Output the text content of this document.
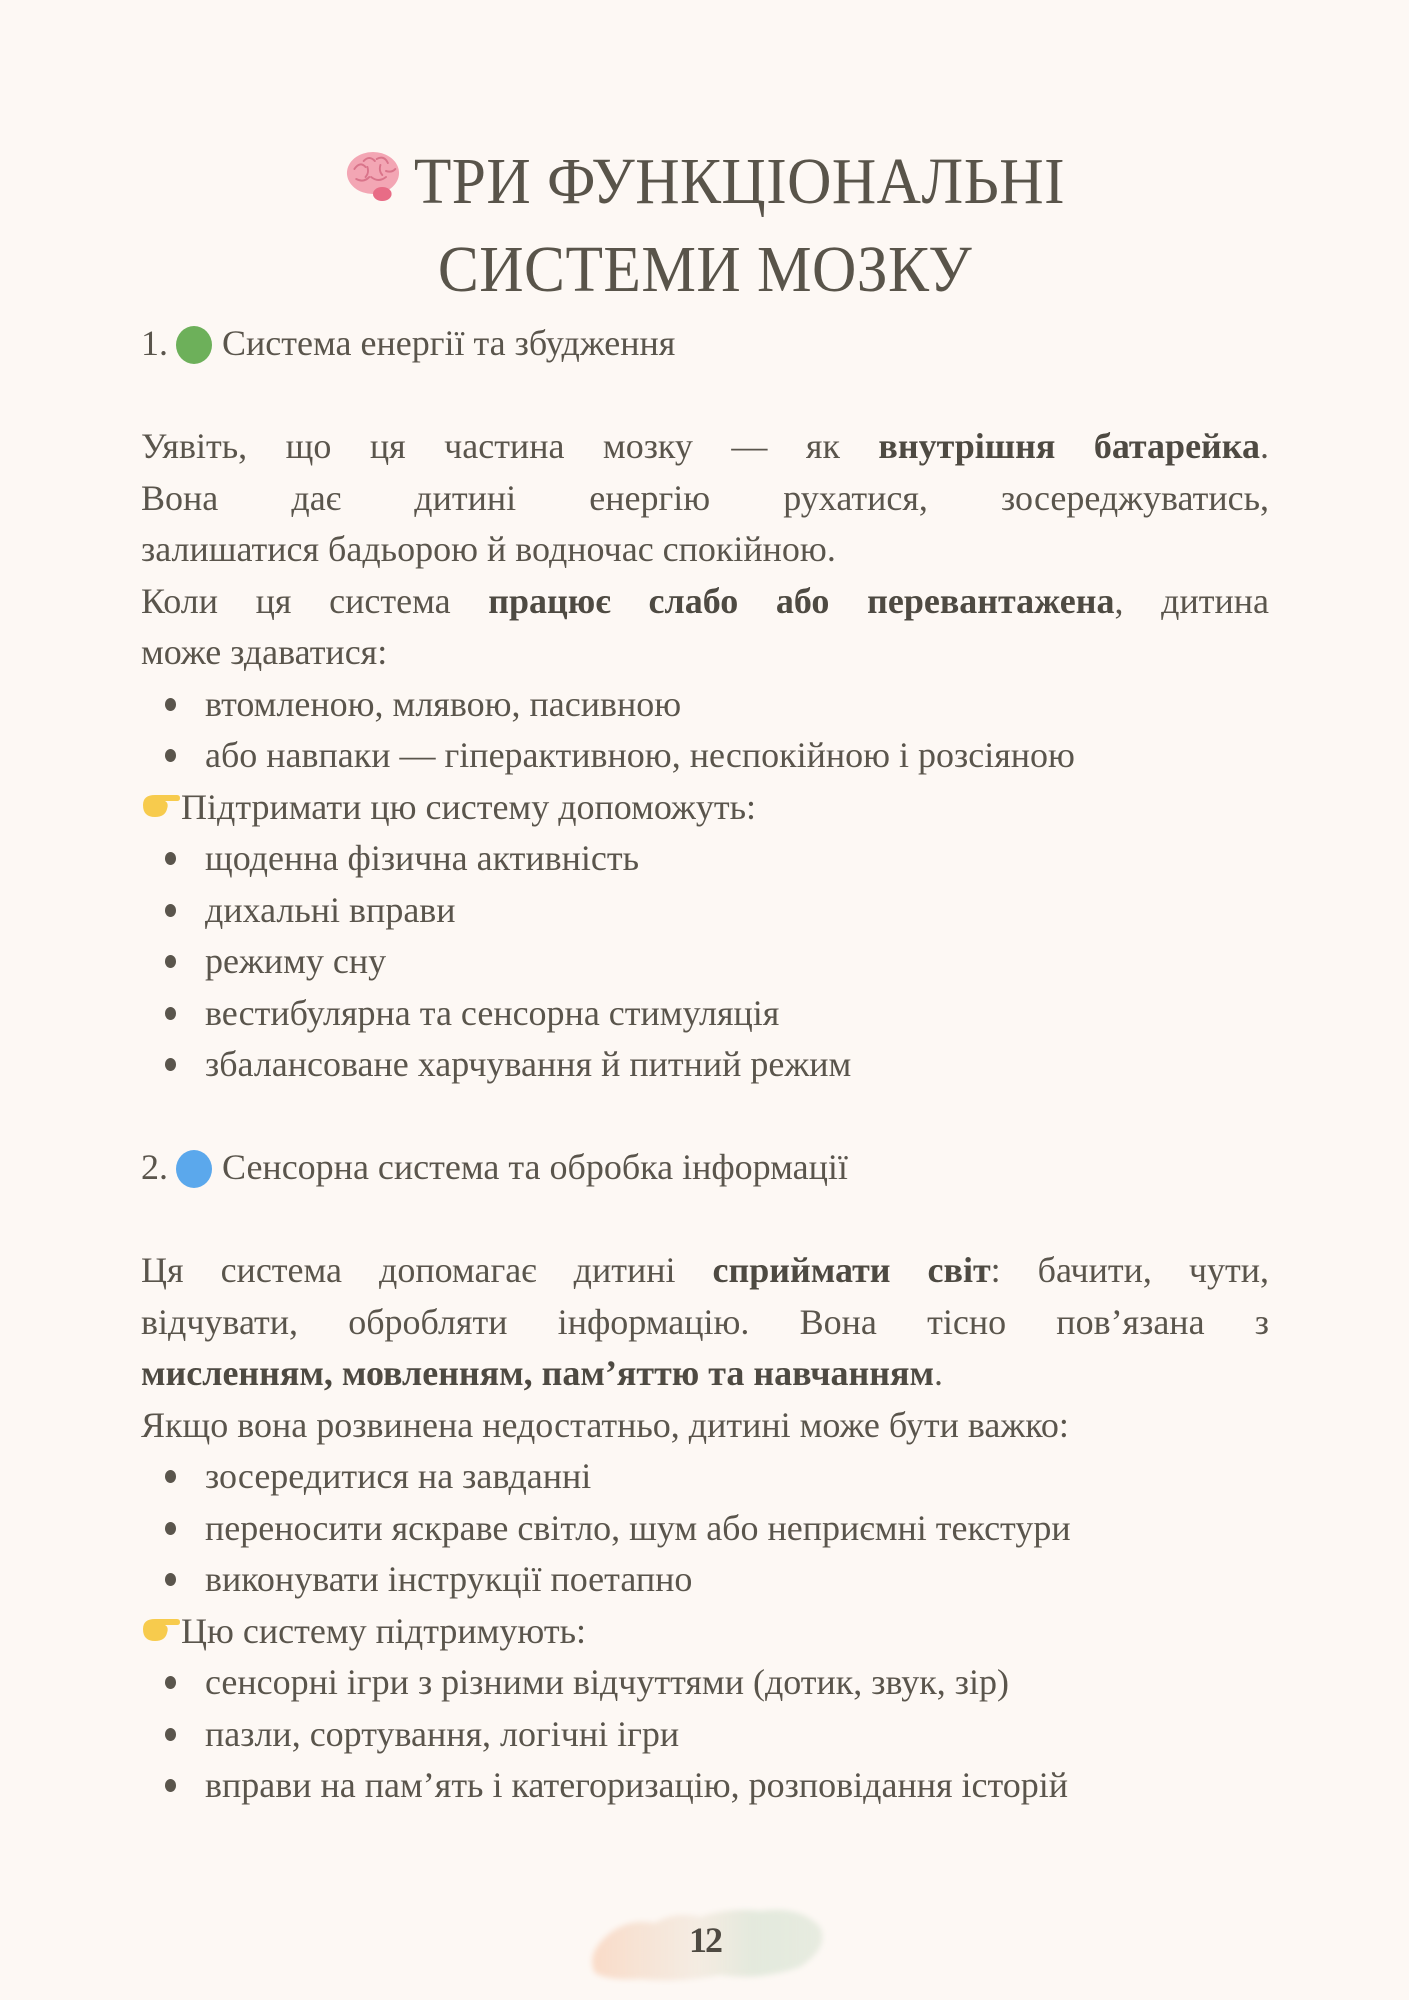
ТРИ ФУНКЦІОНАЛЬНІ
СИСТЕМИ МОЗКУ
1. Система енергії та збудження

Уявіть, що ця частина мозку — як внутрішня батарейка.
Вона дає дитині енергію рухатися, зосереджуватись,
залишатися бадьорою й водночас спокійною.

Коли ця система працює слабо або перевантажена, дитина
може здаватися:

втомленою, млявою, пасивною
або навпаки — гіперактивною, неспокійною і розсіяною
Підтримати цю систему допоможуть:
щоденна фізична активність
дихальні вправи
режиму сну
вестибулярна та сенсорна стимуляція
збалансоване харчування й питний режим
2. Сенсорна система та обробка інформації

Ця система допомагає дитині сприймати світ: бачити, чути,
відчувати, обробляти інформацію. Вона тісно пов’язана з
мисленням, мовленням, пам’яттю та навчанням.

Якщо вона розвинена недостатньо, дитині може бути важко:

зосередитися на завданні
переносити яскраве світло, шум або неприємні текстури
виконувати інструкції поетапно
Цю систему підтримують:
сенсорні ігри з різними відчуттями (дотик, звук, зір)
пазли, сортування, логічні ігри
вправи на пам’ять і категоризацію, розповідання історій
12
